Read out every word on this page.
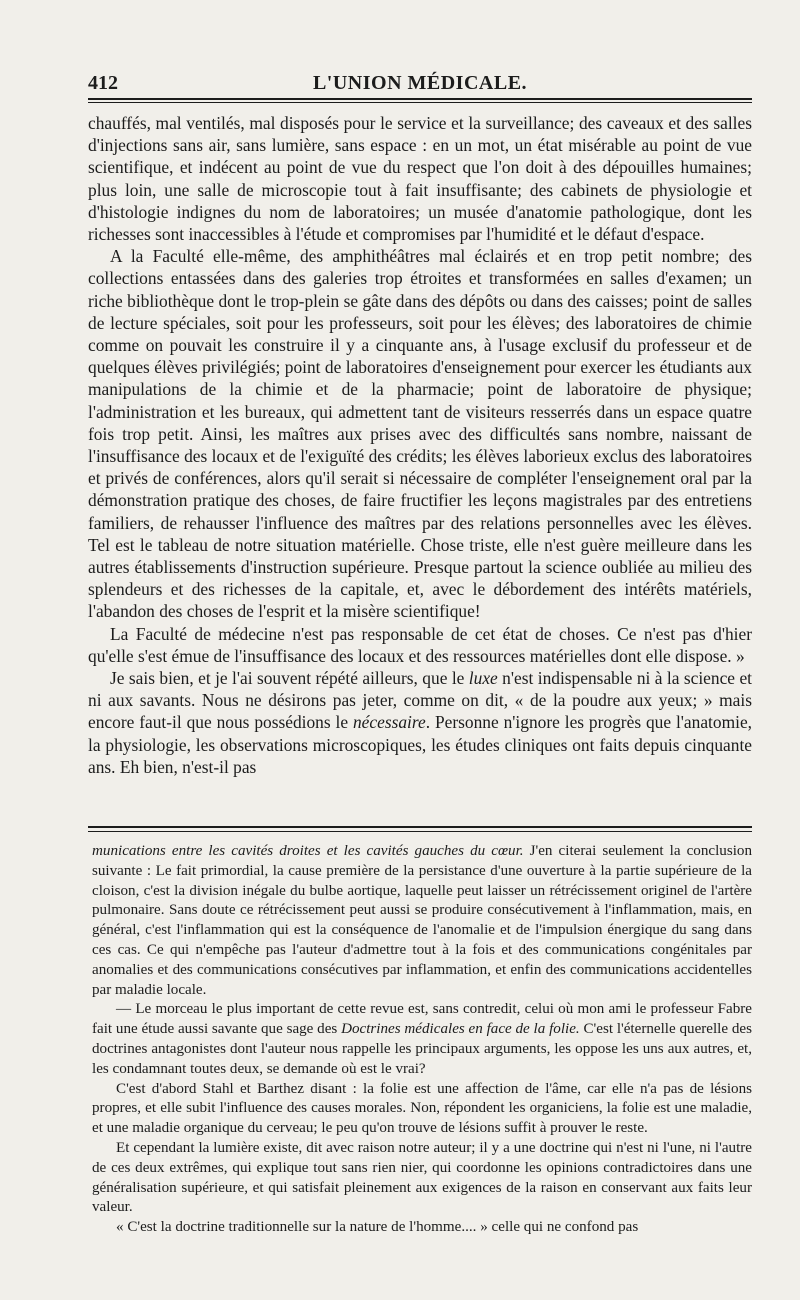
412	L'UNION MÉDICALE.

chauffés, mal ventilés, mal disposés pour le service et la surveillance; des caveaux et des salles d'injections sans air, sans lumière, sans espace : en un mot, un état misérable au point de vue scientifique, et indécent au point de vue du respect que l'on doit à des dépouilles humaines; plus loin, une salle de microscopie tout à fait insuffisante; des cabinets de physiologie et d'histologie indignes du nom de laboratoires; un musée d'anatomie pathologique, dont les richesses sont inaccessibles à l'étude et compromises par l'humidité et le défaut d'espace.

A la Faculté elle-même, des amphithéâtres mal éclairés et en trop petit nombre; des collections entassées dans des galeries trop étroites et transformées en salles d'examen; un riche bibliothèque dont le trop-plein se gâte dans des dépôts ou dans des caisses; point de salles de lecture spéciales, soit pour les professeurs, soit pour les élèves; des laboratoires de chimie comme on pouvait les construire il y a cinquante ans, à l'usage exclusif du professeur et de quelques élèves privilégiés; point de laboratoires d'enseignement pour exercer les étudiants aux manipulations de la chimie et de la pharmacie; point de laboratoire de physique; l'administration et les bureaux, qui admettent tant de visiteurs resserrés dans un espace quatre fois trop petit. Ainsi, les maîtres aux prises avec des difficultés sans nombre, naissant de l'insuffisance des locaux et de l'exiguïté des crédits; les élèves laborieux exclus des laboratoires et privés de conférences, alors qu'il serait si nécessaire de compléter l'enseignement oral par la démonstration pratique des choses, de faire fructifier les leçons magistrales par des entretiens familiers, de rehausser l'influence des maîtres par des relations personnelles avec les élèves. Tel est le tableau de notre situation matérielle. Chose triste, elle n'est guère meilleure dans les autres établissements d'instruction supérieure. Presque partout la science oubliée au milieu des splendeurs et des richesses de la capitale, et, avec le débordement des intérêts matériels, l'abandon des choses de l'esprit et la misère scientifique!

La Faculté de médecine n'est pas responsable de cet état de choses. Ce n'est pas d'hier qu'elle s'est émue de l'insuffisance des locaux et des ressources matérielles dont elle dispose. »

Je sais bien, et je l'ai souvent répété ailleurs, que le luxe n'est indispensable ni à la science et ni aux savants. Nous ne désirons pas jeter, comme on dit, « de la poudre aux yeux; » mais encore faut-il que nous possédions le nécessaire. Personne n'ignore les progrès que l'anatomie, la physiologie, les observations microscopiques, les études cliniques ont faits depuis cinquante ans. Eh bien, n'est-il pas

munications entre les cavités droites et les cavités gauches du cœur. J'en citerai seulement la conclusion suivante : Le fait primordial, la cause première de la persistance d'une ouverture à la partie supérieure de la cloison, c'est la division inégale du bulbe aortique, laquelle peut laisser un rétrécissement originel de l'artère pulmonaire. Sans doute ce rétrécissement peut aussi se produire consécutivement à l'inflammation, mais, en général, c'est l'inflammation qui est la conséquence de l'anomalie et de l'impulsion énergique du sang dans ces cas. Ce qui n'empêche pas l'auteur d'admettre tout à la fois et des communications congénitales par anomalies et des communications consécutives par inflammation, et enfin des communications accidentelles par maladie locale.

— Le morceau le plus important de cette revue est, sans contredit, celui où mon ami le professeur Fabre fait une étude aussi savante que sage des Doctrines médicales en face de la folie. C'est l'éternelle querelle des doctrines antagonistes dont l'auteur nous rappelle les principaux arguments, les oppose les uns aux autres, et, les condamnant toutes deux, se demande où est le vrai?

C'est d'abord Stahl et Barthez disant : la folie est une affection de l'âme, car elle n'a pas de lésions propres, et elle subit l'influence des causes morales. Non, répondent les organiciens, la folie est une maladie, et une maladie organique du cerveau; le peu qu'on trouve de lésions suffit à prouver le reste.

Et cependant la lumière existe, dit avec raison notre auteur; il y a une doctrine qui n'est ni l'une, ni l'autre de ces deux extrêmes, qui explique tout sans rien nier, qui coordonne les opinions contradictoires dans une généralisation supérieure, et qui satisfait pleinement aux exigences de la raison en conservant aux faits leur valeur.

« C'est la doctrine traditionnelle sur la nature de l'homme.... » celle qui ne confond pas
